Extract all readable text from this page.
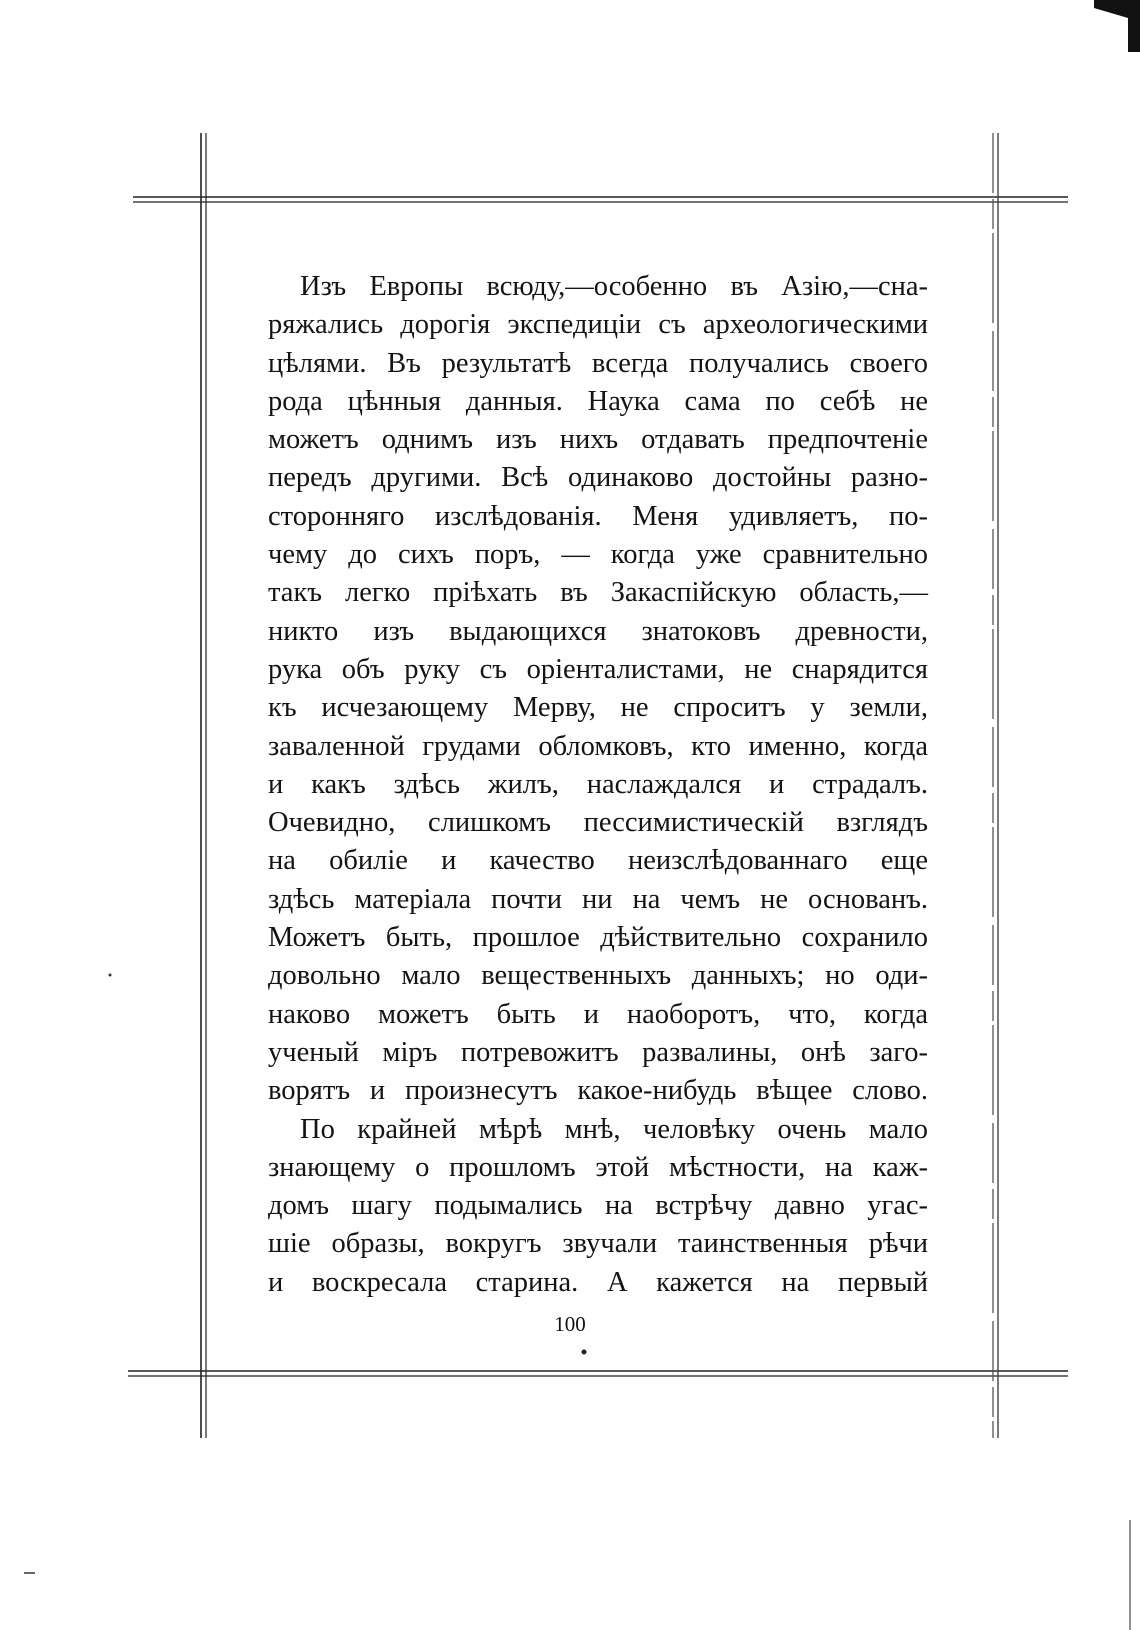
Изъ Европы всюду,—особенно въ Азію,—сна-
ряжались дорогія экспедиціи съ археологическими
цѣлями. Въ результатѣ всегда получались своего
рода цѣнныя данныя. Наука сама по себѣ не
можетъ однимъ изъ нихъ отдавать предпочтеніе
передъ другими. Всѣ одинаково достойны разно-
сторонняго изслѣдованія. Меня удивляетъ, по-
чему до сихъ поръ, — когда уже сравнительно
такъ легко пріѣхать въ Закаспійскую область,—
никто изъ выдающихся знатоковъ древности,
рука объ руку съ оріенталистами, не снарядится
къ исчезающему Мерву, не спроситъ у земли,
заваленной грудами обломковъ, кто именно, когда
и какъ здѣсь жилъ, наслаждался и страдалъ.
Очевидно, слишкомъ пессимистическій взглядъ
на обиліе и качество неизслѣдованнаго еще
здѣсь матеріала почти ни на чемъ не основанъ.
Можетъ быть, прошлое дѣйствительно сохранило
довольно мало вещественныхъ данныхъ; но оди-
наково можетъ быть и наоборотъ, что, когда
ученый міръ потревожитъ развалины, онѣ заго-
ворятъ и произнесутъ какое-нибудь вѣщее слово.
По крайней мѣрѣ мнѣ, человѣку очень мало
знающему о прошломъ этой мѣстности, на каж-
домъ шагу подымались на встрѣчу давно угас-
шіе образы, вокругъ звучали таинственныя рѣчи
и воскресала старина. А кажется на первый
100
